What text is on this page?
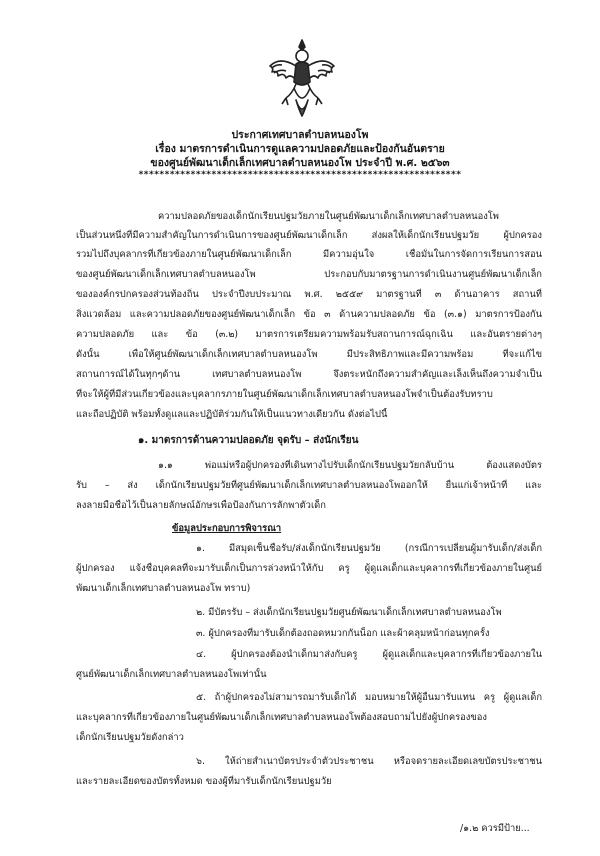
ประกาศเทศบาลตำบลหนองโพ
เรื่อง มาตรการดำเนินการดูแลความปลอดภัยและป้องกันอันตราย
ของศูนย์พัฒนาเด็กเล็กเทศบาลตำบลหนองโพ ประจำปี พ.ศ. ๒๕๖๓
**************************************************************
ความปลอดภัยของเด็กนักเรียนปฐมวัยภายในศูนย์พัฒนาเด็กเล็กเทศบาลตำบลหนองโพ
เป็นส่วนหนึ่งที่มีความสำคัญในการดำเนินการของศูนย์พัฒนาเด็กเล็ก ส่งผลให้เด็กนักเรียนปฐมวัย ผู้ปกครอง
รวมไปถึงบุคลากรที่เกี่ยวข้องภายในศูนย์พัฒนาเด็กเล็ก มีความอุ่นใจ เชื่อมั่นในการจัดการเรียนการสอน
ของศูนย์พัฒนาเด็กเล็กเทศบาลตำบลหนองโพ ประกอบกับมาตรฐานการดำเนินงานศูนย์พัฒนาเด็กเล็ก
ขององค์กรปกครองส่วนท้องถิ่น ประจำปีงบประมาณ พ.ศ. ๒๕๕๙ มาตรฐานที่ ๓ ด้านอาคาร สถานที่
สิ่งแวดล้อม และความปลอดภัยของศูนย์พัฒนาเด็กเล็ก ข้อ ๓ ด้านความปลอดภัย ข้อ (๓.๑) มาตรการป้องกัน
ความปลอดภัย และ ข้อ (๓.๒) มาตรการเตรียมความพร้อมรับสถานการณ์ฉุกเฉิน และอันตรายต่างๆ
ดังนั้น เพื่อให้ศูนย์พัฒนาเด็กเล็กเทศบาลตำบลหนองโพ มีประสิทธิภาพและมีความพร้อม ที่จะแก้ไข
สถานการณ์ได้ในทุกๆด้าน เทศบาลตำบลหนองโพ จึงตระหนักถึงความสำคัญและเล็งเห็นถึงความจำเป็น
ที่จะให้ผู้ที่มีส่วนเกี่ยวข้องและบุคลากรภายในศูนย์พัฒนาเด็กเล็กเทศบาลตำบลหนองโพจำเป็นต้องรับทราบ
และถือปฏิบัติ พร้อมทั้งดูแลและปฏิบัติร่วมกันให้เป็นแนวทางเดียวกัน ดังต่อไปนี้
๑. มาตรการด้านความปลอดภัย จุดรับ – ส่งนักเรียน
๑.๑ พ่อแม่หรือผู้ปกครองที่เดินทางไปรับเด็กนักเรียนปฐมวัยกลับบ้าน ต้องแสดงบัตร
รับ – ส่ง เด็กนักเรียนปฐมวัยที่ศูนย์พัฒนาเด็กเล็กเทศบาลตำบลหนองโพออกให้ ยื่นแก่เจ้าหน้าที่ และ
ลงลายมือชื่อไว้เป็นลายลักษณ์อักษรเพื่อป้องกันการลักพาตัวเด็ก
ข้อมูลประกอบการพิจารณา
๑. มีสมุดเซ็นชื่อรับ/ส่งเด็กนักเรียนปฐมวัย (กรณีการเปลี่ยนผู้มารับเด็ก/ส่งเด็ก
ผู้ปกครอง แจ้งชื่อบุคคลที่จะมารับเด็กเป็นการล่วงหน้าให้กับ ครู ผู้ดูแลเด็กและบุคลากรที่เกี่ยวข้องภายในศูนย์
พัฒนาเด็กเล็กเทศบาลตำบลหนองโพ ทราบ)
๒. มีบัตรรับ – ส่งเด็กนักเรียนปฐมวัยศูนย์พัฒนาเด็กเล็กเทศบาลตำบลหนองโพ
๓. ผู้ปกครองที่มารับเด็กต้องถอดหมวกกันน็อก และผ้าคลุมหน้าก่อนทุกครั้ง
๔. ผู้ปกครองต้องนำเด็กมาส่งกับครู ผู้ดูแลเด็กและบุคลากรที่เกี่ยวข้องภายใน
ศูนย์พัฒนาเด็กเล็กเทศบาลตำบลหนองโพเท่านั้น
๕. ถ้าผู้ปกครองไม่สามารถมารับเด็กได้ มอบหมายให้ผู้อื่นมารับแทน ครู ผู้ดูแลเด็ก
และบุคลากรที่เกี่ยวข้องภายในศูนย์พัฒนาเด็กเล็กเทศบาลตำบลหนองโพต้องสอบถามไปยังผู้ปกครองของ
เด็กนักเรียนปฐมวัยดังกล่าว
๖. ให้ถ่ายสำเนาบัตรประจำตัวประชาชน หรือจดรายละเอียดเลขบัตรประชาชน
และรายละเอียดของบัตรทั้งหมด ของผู้ที่มารับเด็กนักเรียนปฐมวัย
/๑.๒ ควรมีป้าย...
